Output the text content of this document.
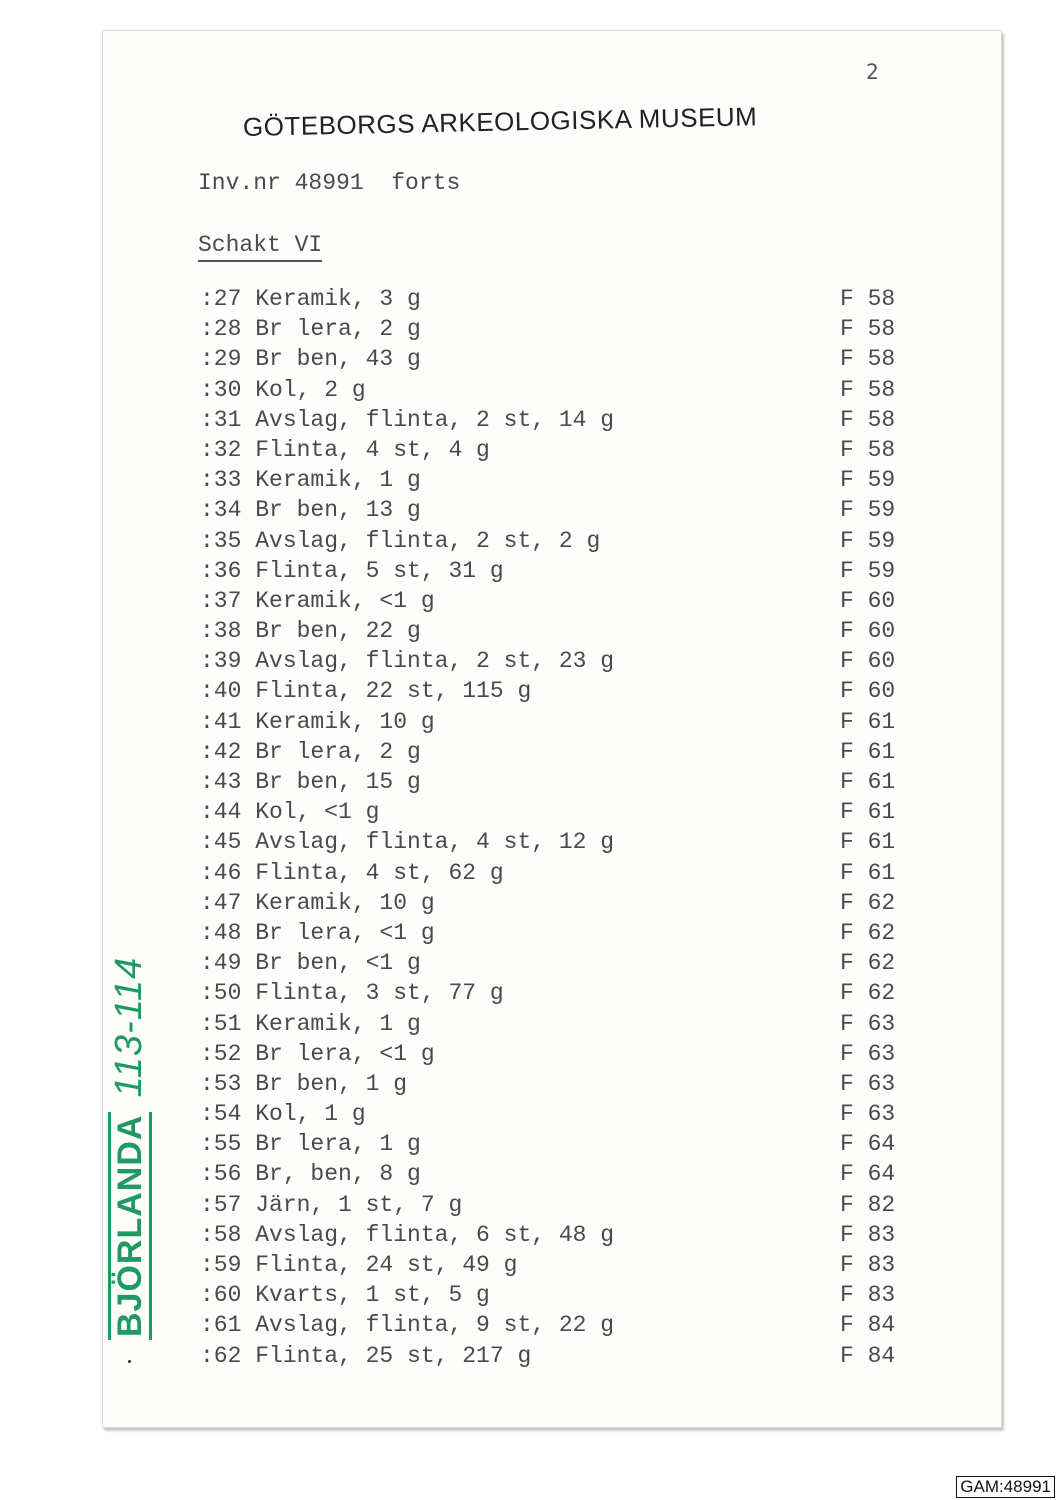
2
GÖTEBORGS ARKEOLOGISKA MUSEUM
Inv.nr 48991  forts
Schakt VI
:27 Keramik, 3 g	F 58
:28 Br lera, 2 g	F 58
:29 Br ben, 43 g	F 58
:30 Kol, 2 g	F 58
:31 Avslag, flinta, 2 st, 14 g	F 58
:32 Flinta, 4 st, 4 g	F 58
:33 Keramik, 1 g	F 59
:34 Br ben, 13 g	F 59
:35 Avslag, flinta, 2 st, 2 g	F 59
:36 Flinta, 5 st, 31 g	F 59
:37 Keramik, <1 g	F 60
:38 Br ben, 22 g	F 60
:39 Avslag, flinta, 2 st, 23 g	F 60
:40 Flinta, 22 st, 115 g	F 60
:41 Keramik, 10 g	F 61
:42 Br lera, 2 g	F 61
:43 Br ben, 15 g	F 61
:44 Kol, <1 g	F 61
:45 Avslag, flinta, 4 st, 12 g	F 61
:46 Flinta, 4 st, 62 g	F 61
:47 Keramik, 10 g	F 62
:48 Br lera, <1 g	F 62
:49 Br ben, <1 g	F 62
:50 Flinta, 3 st, 77 g	F 62
:51 Keramik, 1 g	F 63
:52 Br lera, <1 g	F 63
:53 Br ben, 1 g	F 63
:54 Kol, 1 g	F 63
:55 Br lera, 1 g	F 64
:56 Br, ben, 8 g	F 64
:57 Järn, 1 st, 7 g	F 82
:58 Avslag, flinta, 6 st, 48 g	F 83
:59 Flinta, 24 st, 49 g	F 83
:60 Kvarts, 1 st, 5 g	F 83
:61 Avslag, flinta, 9 st, 22 g	F 84
:62 Flinta, 25 st, 217 g	F 84
BJÖRLANDA113-114
GAM:48991
